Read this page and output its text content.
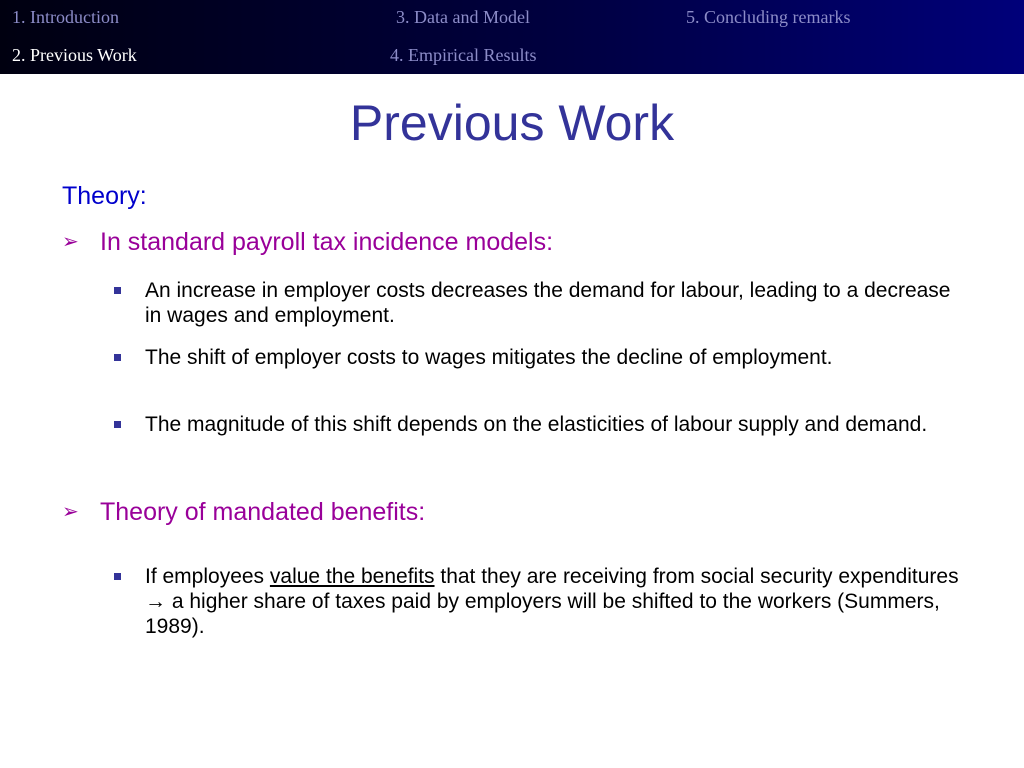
1. Introduction
2. Previous Work
3. Data and Model
4. Empirical Results
5. Concluding remarks
Previous Work
Theory:
➢ In standard payroll tax incidence models:
An increase in employer costs decreases the demand for labour, leading to a decrease in wages and employment.
The shift of employer costs to wages mitigates the decline of employment.
The magnitude of this shift depends on the elasticities of labour supply and demand.
➢ Theory of mandated benefits:
If employees value the benefits that they are receiving from social security expenditures → a higher share of taxes paid by employers will be shifted to the workers (Summers, 1989).
